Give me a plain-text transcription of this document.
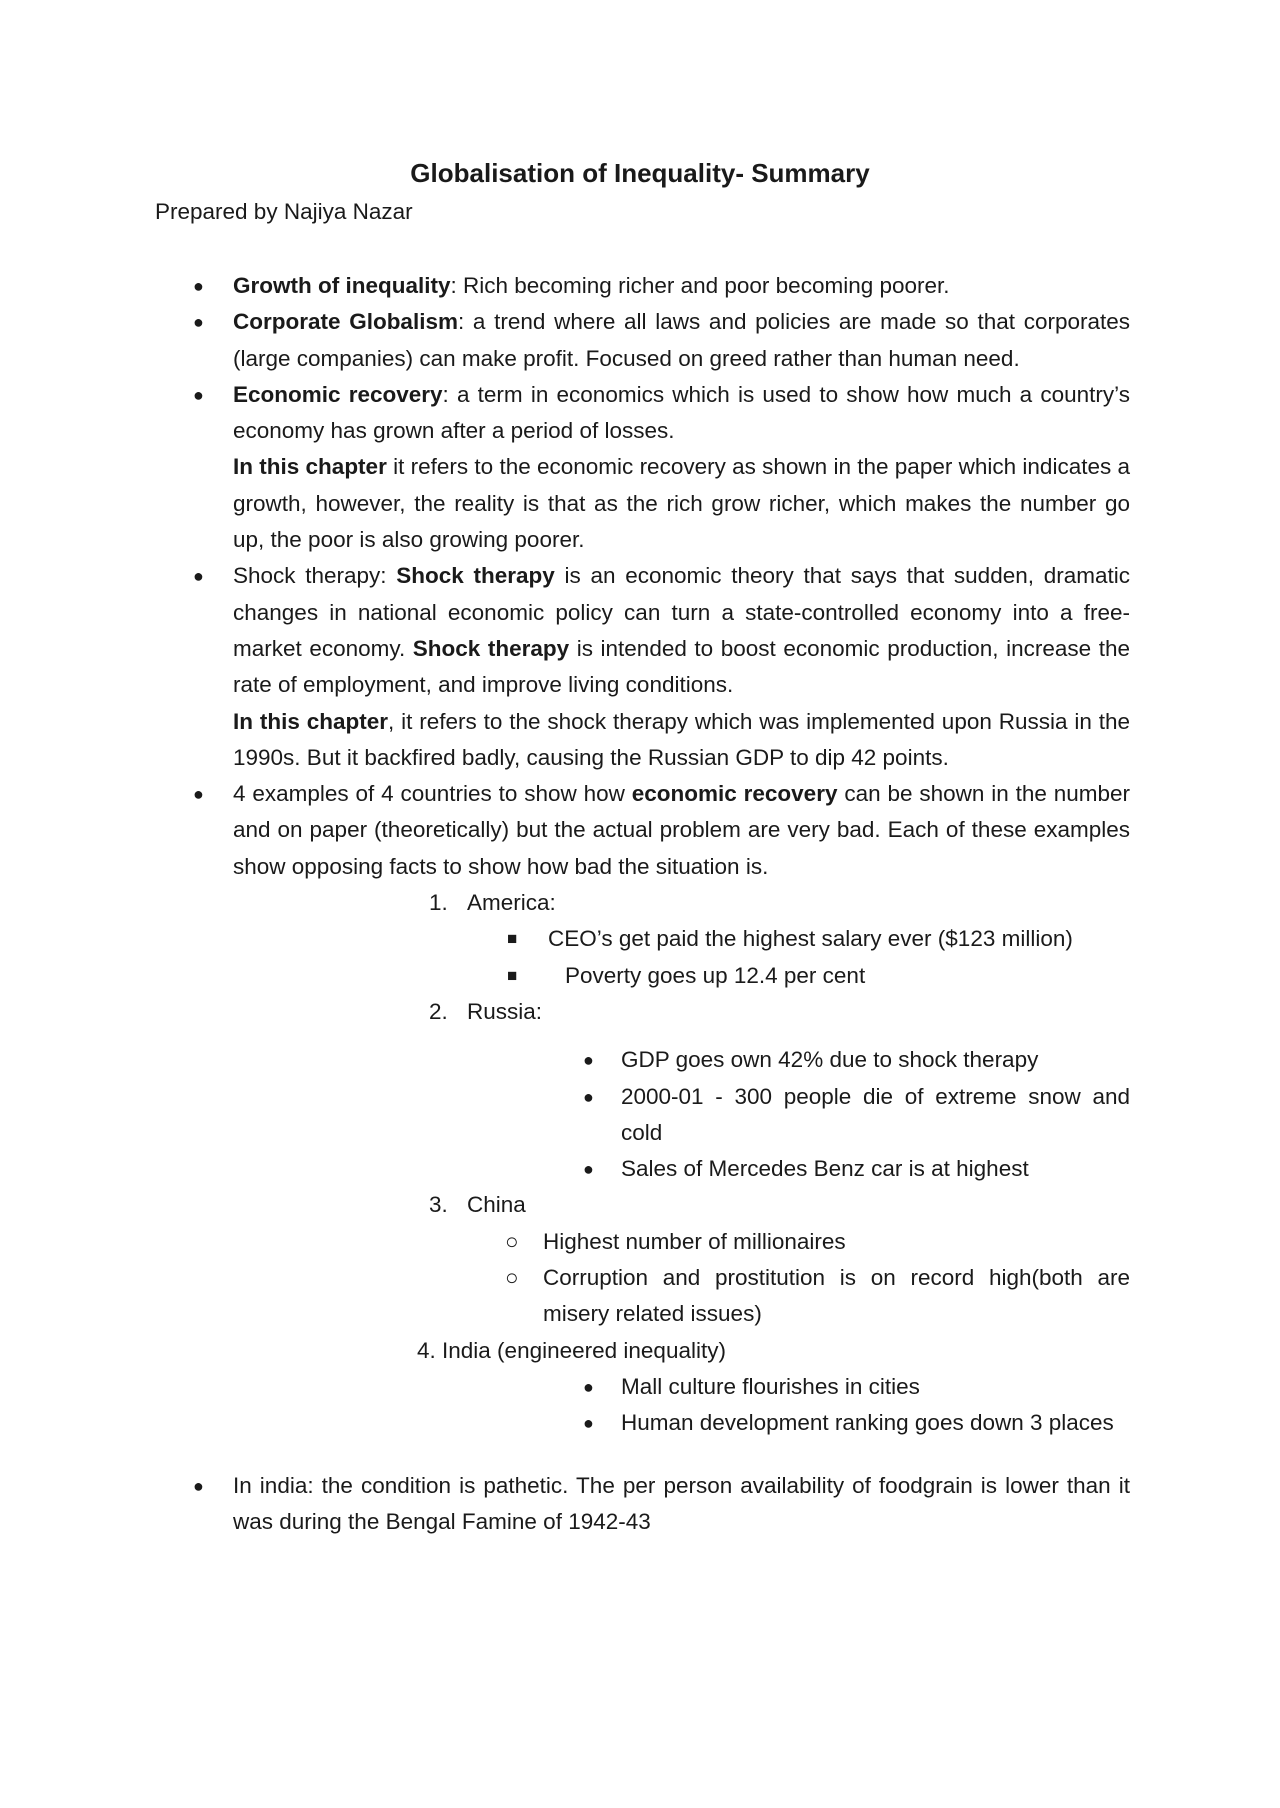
Globalisation of Inequality- Summary
Prepared by Najiya Nazar
● Growth of inequality: Rich becoming richer and poor becoming poorer.
● Corporate Globalism: a trend where all laws and policies are made so that corporates (large companies) can make profit. Focused on greed rather than human need.
● Economic recovery: a term in economics which is used to show how much a country’s economy has grown after a period of losses.
In this chapter it refers to the economic recovery as shown in the paper which indicates a growth, however, the reality is that as the rich grow richer, which makes the number go up, the poor is also growing poorer.
● Shock therapy: Shock therapy is an economic theory that says that sudden, dramatic changes in national economic policy can turn a state-controlled economy into a free-market economy. Shock therapy is intended to boost economic production, increase the rate of employment, and improve living conditions.
In this chapter, it refers to the shock therapy which was implemented upon Russia in the 1990s. But it backfired badly, causing the Russian GDP to dip 42 points.
● 4 examples of 4 countries to show how economic recovery can be shown in the number and on paper (theoretically) but the actual problem are very bad. Each of these examples show opposing facts to show how bad the situation is.
1. America:
■ CEO’s get paid the highest salary ever ($123 million)
■ Poverty goes up 12.4 per cent
2. Russia:
● GDP goes own 42% due to shock therapy
● 2000-01 - 300 people die of extreme snow and cold
● Sales of Mercedes Benz car is at highest
3. China
○ Highest number of millionaires
○ Corruption and prostitution is on record high(both are misery related issues)
4. India (engineered inequality)
● Mall culture flourishes in cities
● Human development ranking goes down 3 places
● In india: the condition is pathetic. The per person availability of foodgrain is lower than it was during the Bengal Famine of 1942-43
